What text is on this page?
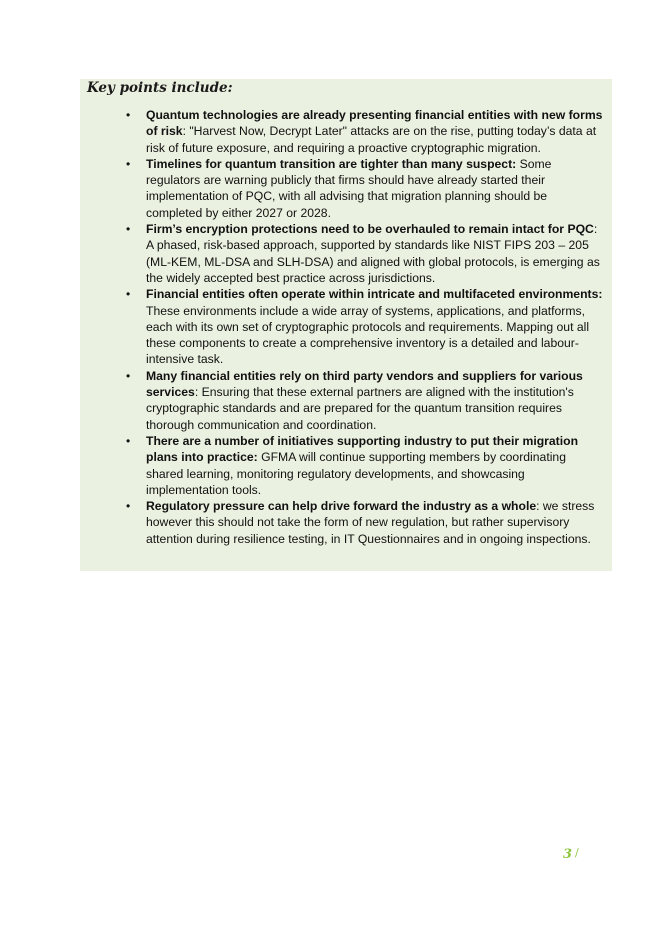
Key points include:
• Quantum technologies are already presenting financial entities with new forms of risk: "Harvest Now, Decrypt Later" attacks are on the rise, putting today’s data at risk of future exposure, and requiring a proactive cryptographic migration.
• Timelines for quantum transition are tighter than many suspect: Some regulators are warning publicly that firms should have already started their implementation of PQC, with all advising that migration planning should be completed by either 2027 or 2028.
• Firm’s encryption protections need to be overhauled to remain intact for PQC: A phased, risk-based approach, supported by standards like NIST FIPS 203 – 205 (ML-KEM, ML-DSA and SLH-DSA) and aligned with global protocols, is emerging as the widely accepted best practice across jurisdictions.
• Financial entities often operate within intricate and multifaceted environments: These environments include a wide array of systems, applications, and platforms, each with its own set of cryptographic protocols and requirements. Mapping out all these components to create a comprehensive inventory is a detailed and labour-intensive task.
• Many financial entities rely on third party vendors and suppliers for various services: Ensuring that these external partners are aligned with the institution's cryptographic standards and are prepared for the quantum transition requires thorough communication and coordination.
• There are a number of initiatives supporting industry to put their migration plans into practice: GFMA will continue supporting members by coordinating shared learning, monitoring regulatory developments, and showcasing implementation tools.
• Regulatory pressure can help drive forward the industry as a whole: we stress however this should not take the form of new regulation, but rather supervisory attention during resilience testing, in IT Questionnaires and in ongoing inspections.
3 /
